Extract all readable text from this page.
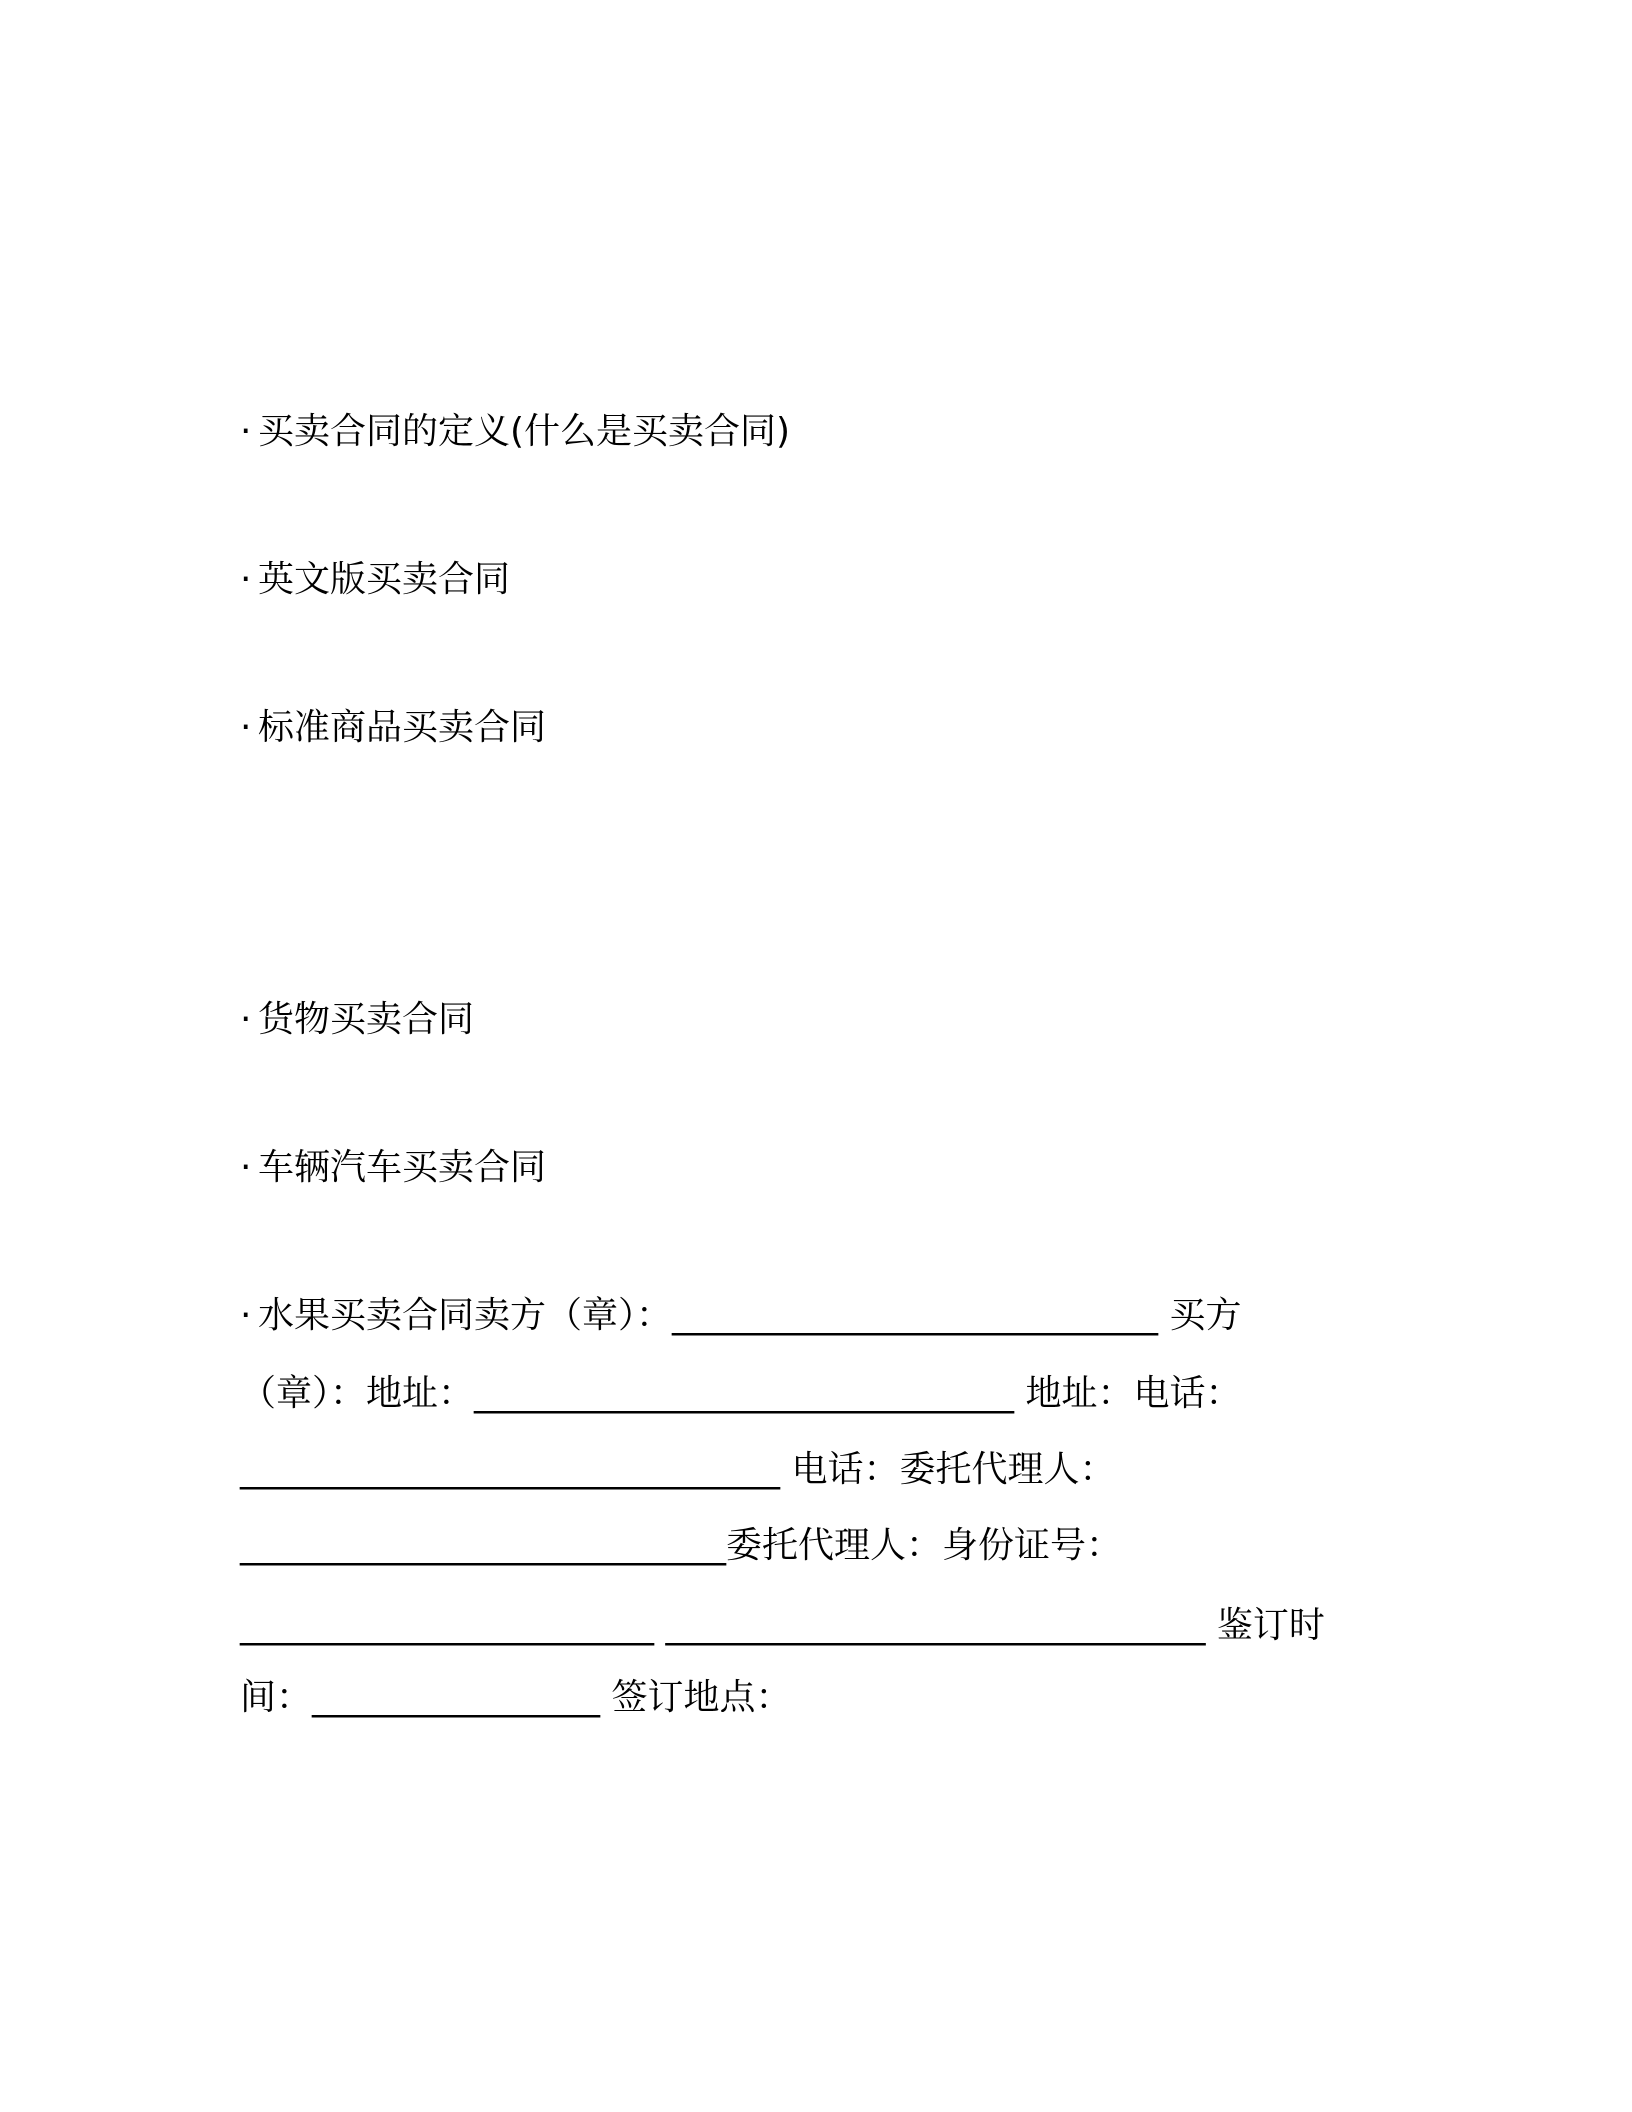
· 买卖合同的定义(什么是买卖合同)
· 英文版买卖合同
· 标准商品买卖合同
· 货物买卖合同
· 车辆汽车买卖合同
· 水果买卖合同卖方（章）：___________________________ 买方
（章）：地址：______________________________ 地址：电话：
______________________________ 电话：委托代理人：
___________________________委托代理人：身份证号：
_______________________ ______________________________ 鉴订时
间：________________ 签订地点：
